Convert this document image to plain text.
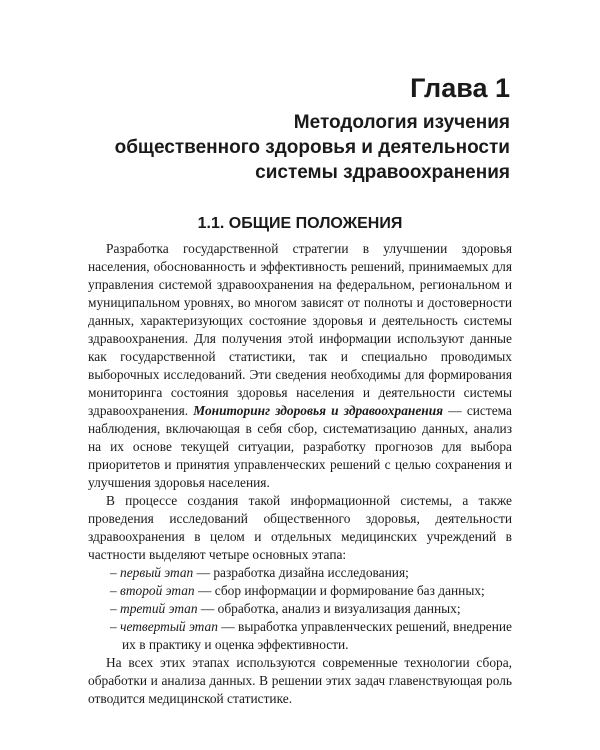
Глава 1
Методология изучения
общественного здоровья и деятельности
системы здравоохранения
1.1. ОБЩИЕ ПОЛОЖЕНИЯ

Разработка государственной стратегии в улучшении здоровья населения, обоснованность и эффективность решений, принимаемых для управления системой здравоохранения на федеральном, региональном и муниципальном уровнях, во многом зависят от полноты и достоверности данных, характеризующих состояние здоровья и деятельность системы здравоохранения. Для получения этой информации используют данные как государственной статистики, так и специально проводимых выборочных исследований. Эти сведения необходимы для формирования мониторинга состояния здоровья населения и деятельности системы здравоохранения. Мониторинг здоровья и здравоохранения — система наблюдения, включающая в себя сбор, систематизацию данных, анализ на их основе текущей ситуации, разработку прогнозов для выбора приоритетов и принятия управленческих решений с целью сохранения и улучшения здоровья населения.

В процессе создания такой информационной системы, а также проведения исследований общественного здоровья, деятельности здравоохранения в целом и отдельных медицинских учреждений в частности выделяют четыре основных этапа:

– первый этап — разработка дизайна исследования;
– второй этап — сбор информации и формирование баз данных;
– третий этап — обработка, анализ и визуализация данных;
– четвертый этап — выработка управленческих решений, внедрение их в практику и оценка эффективности.

На всех этих этапах используются современные технологии сбора, обработки и анализа данных. В решении этих задач главенствующая роль отводится медицинской статистике.
